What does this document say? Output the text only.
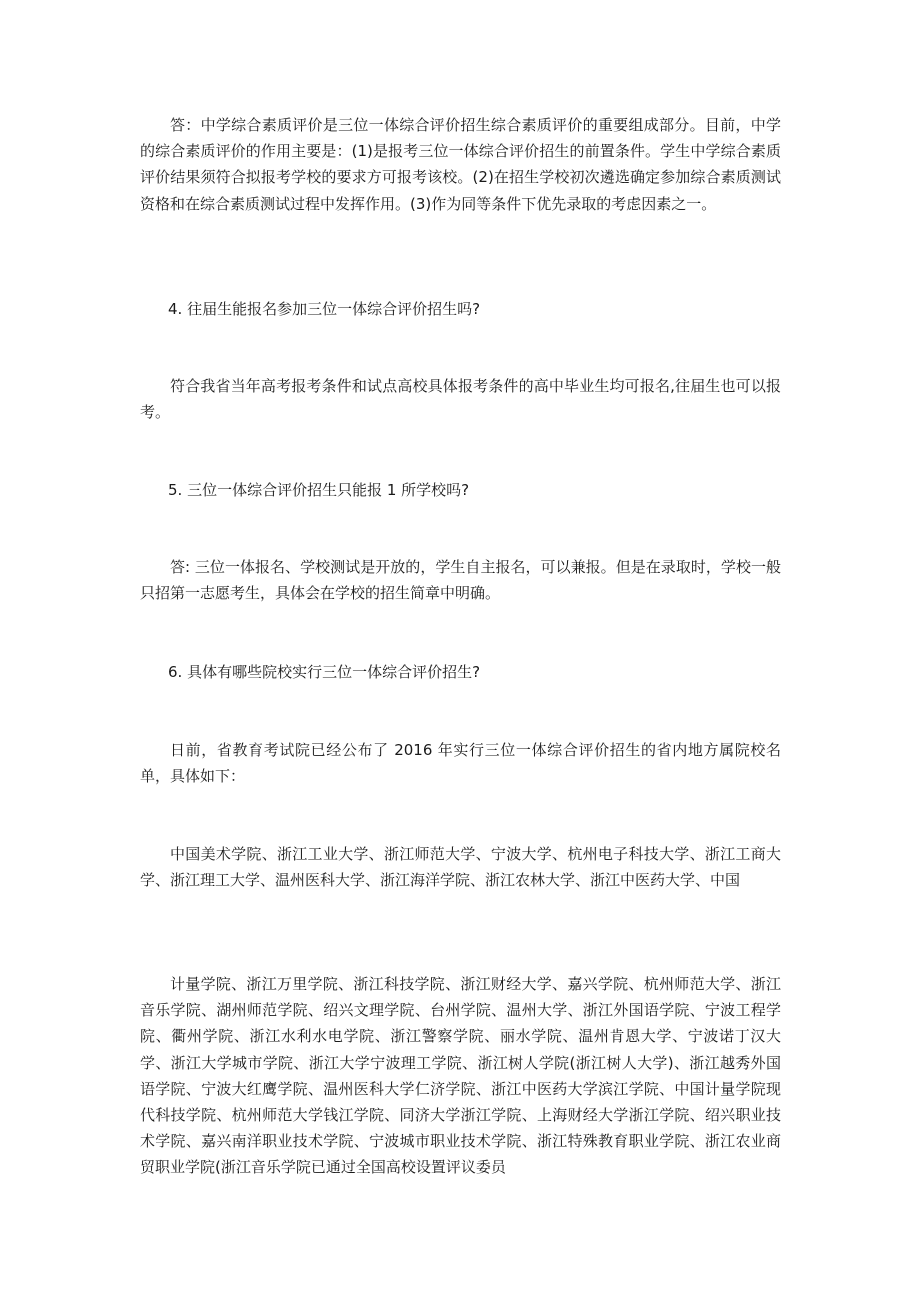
答：中学综合素质评价是三位一体综合评价招生综合素质评价的重要组成部分。目前，中学的综合素质评价的作用主要是：(1)是报考三位一体综合评价招生的前置条件。学生中学综合素质评价结果须符合拟报考学校的要求方可报考该校。(2)在招生学校初次遴选确定参加综合素质测试资格和在综合素质测试过程中发挥作用。(3)作为同等条件下优先录取的考虑因素之一。

4. 往届生能报名参加三位一体综合评价招生吗?

符合我省当年高考报考条件和试点高校具体报考条件的高中毕业生均可报名,往届生也可以报考。

5. 三位一体综合评价招生只能报 1 所学校吗?

答: 三位一体报名、学校测试是开放的，学生自主报名，可以兼报。但是在录取时，学校一般只招第一志愿考生，具体会在学校的招生简章中明确。

6. 具体有哪些院校实行三位一体综合评价招生?

日前，省教育考试院已经公布了 2016 年实行三位一体综合评价招生的省内地方属院校名单，具体如下：

中国美术学院、浙江工业大学、浙江师范大学、宁波大学、杭州电子科技大学、浙江工商大学、浙江理工大学、温州医科大学、浙江海洋学院、浙江农林大学、浙江中医药大学、中国

计量学院、浙江万里学院、浙江科技学院、浙江财经大学、嘉兴学院、杭州师范大学、浙江音乐学院、湖州师范学院、绍兴文理学院、台州学院、温州大学、浙江外国语学院、宁波工程学院、衢州学院、浙江水利水电学院、浙江警察学院、丽水学院、温州肯恩大学、宁波诺丁汉大学、浙江大学城市学院、浙江大学宁波理工学院、浙江树人学院(浙江树人大学)、浙江越秀外国语学院、宁波大红鹰学院、温州医科大学仁济学院、浙江中医药大学滨江学院、中国计量学院现代科技学院、杭州师范大学钱江学院、同济大学浙江学院、上海财经大学浙江学院、绍兴职业技术学院、嘉兴南洋职业技术学院、宁波城市职业技术学院、浙江特殊教育职业学院、浙江农业商贸职业学院(浙江音乐学院已通过全国高校设置评议委员
